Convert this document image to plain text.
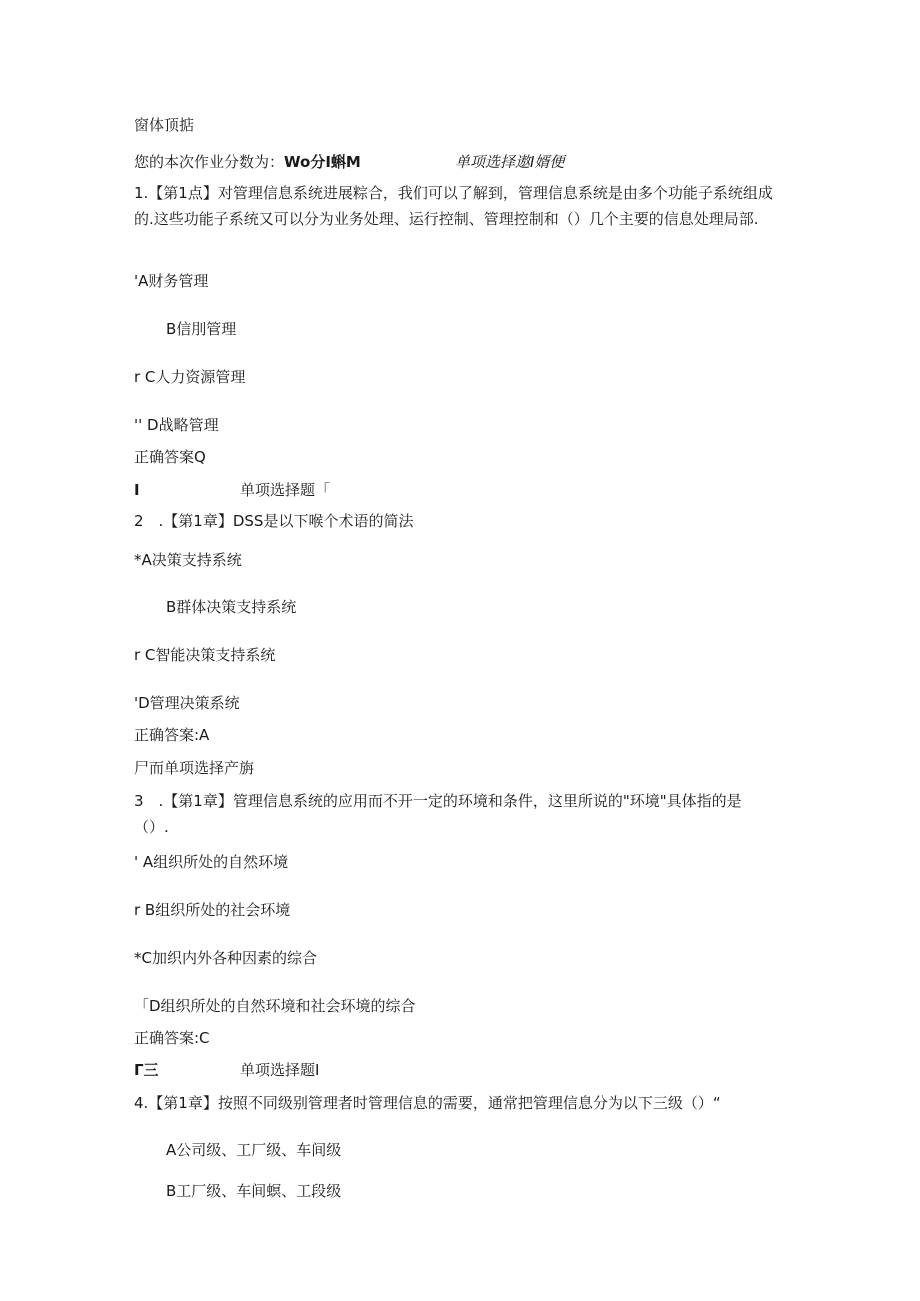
窗体顶掂
您的本次作业分数为：Wo分I蝌M	单项选择遨I婿便
1.【第1点】对管理信息系统进展粽合，我们可以了解到，管理信息系统是由多个功能子系统组成的.这些功能子系统又可以分为业务处理、运行控制、管理控制和（）几个主要的信息处理局部.
'A财务管理
B信刖管理
r C人力资源管理
'' D战略管理
正确答案Q
I	单项选择题「
2　.【第1章】DSS是以下喉个术语的简法
*A决策支持系统
B群体决策支持系统
r C智能决策支持系统
'D管理决策系统
正确答案:A
尸而单项选择产旃
3　.【第1章】管理信息系统的应用而不开一定的环境和条件，这里所说的"环境"具体指的是（）.
' A组织所处的自然环境
r B组织所处的社会环境
*C加织内外各种因素的综合
「D组织所处的自然环境和社会环境的综合
正确答案:C
Γ三	单项选择题I
4.【第1章】按照不同级别管理者时管理信息的需要，通常把管理信息分为以下三级（）“
A公司级、工厂级、车间级
B工厂级、车间螟、工段级
